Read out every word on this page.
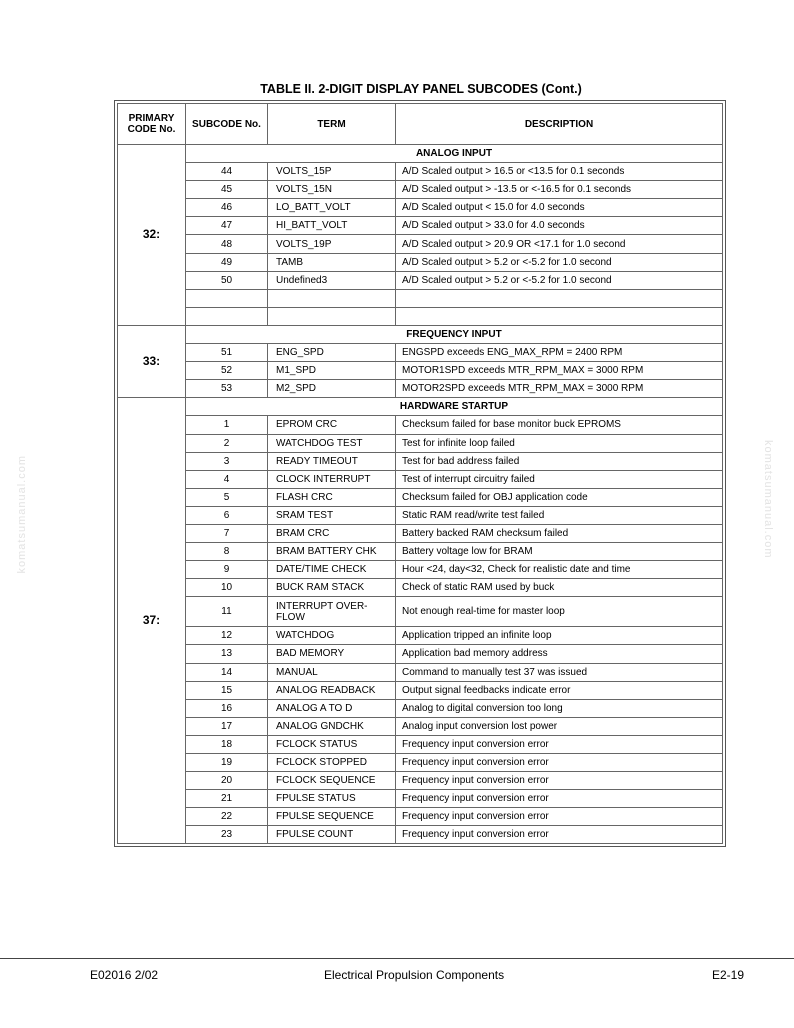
TABLE II. 2-DIGIT DISPLAY PANEL SUBCODES (Cont.)
PRIMARY CODE No.	SUBCODE No.	TERM	DESCRIPTION
32:	ANALOG INPUT		
	44	VOLTS_15P	A/D Scaled output > 16.5 or <13.5 for 0.1 seconds
	45	VOLTS_15N	A/D Scaled output > -13.5 or <-16.5 for 0.1 seconds
	46	LO_BATT_VOLT	A/D Scaled output < 15.0 for 4.0 seconds
	47	HI_BATT_VOLT	A/D Scaled output > 33.0 for 4.0 seconds
	48	VOLTS_19P	A/D Scaled output > 20.9 OR <17.1 for 1.0 second
	49	TAMB	A/D Scaled output > 5.2 or <-5.2 for 1.0 second
	50	Undefined3	A/D Scaled output > 5.2 or <-5.2 for 1.0 second

33:	FREQUENCY INPUT		
	51	ENG_SPD	ENGSPD exceeds ENG_MAX_RPM = 2400 RPM
	52	M1_SPD	MOTOR1SPD exceeds MTR_RPM_MAX = 3000 RPM
	53	M2_SPD	MOTOR2SPD exceeds MTR_RPM_MAX = 3000 RPM
37:	HARDWARE STARTUP		
	1	EPROM CRC	Checksum failed for base monitor buck EPROMS
	2	WATCHDOG TEST	Test for infinite loop failed
	3	READY TIMEOUT	Test for bad address failed
	4	CLOCK INTERRUPT	Test of interrupt circuitry failed
	5	FLASH CRC	Checksum failed for OBJ application code
	6	SRAM TEST	Static RAM read/write test failed
	7	BRAM CRC	Battery backed RAM checksum failed
	8	BRAM BATTERY CHK	Battery voltage low for BRAM
	9	DATE/TIME CHECK	Hour <24, day<32, Check for realistic date and time
	10	BUCK RAM STACK	Check of static RAM used by buck
	11	INTERRUPT OVER-FLOW	Not enough real-time for master loop
	12	WATCHDOG	Application tripped an infinite loop
	13	BAD MEMORY	Application bad memory address
	14	MANUAL	Command to manually test 37 was issued
	15	ANALOG READBACK	Output signal feedbacks indicate error
	16	ANALOG A TO D	Analog to digital conversion too long
	17	ANALOG GNDCHK	Analog input conversion lost power
	18	FCLOCK STATUS	Frequency input conversion error
	19	FCLOCK STOPPED	Frequency input conversion error
	20	FCLOCK SEQUENCE	Frequency input conversion error
	21	FPULSE STATUS	Frequency input conversion error
	22	FPULSE SEQUENCE	Frequency input conversion error
	23	FPULSE COUNT	Frequency input conversion error
komatsumanual.com	komatsumanual.com
E02016 2/02	Electrical Propulsion Components	E2-19
